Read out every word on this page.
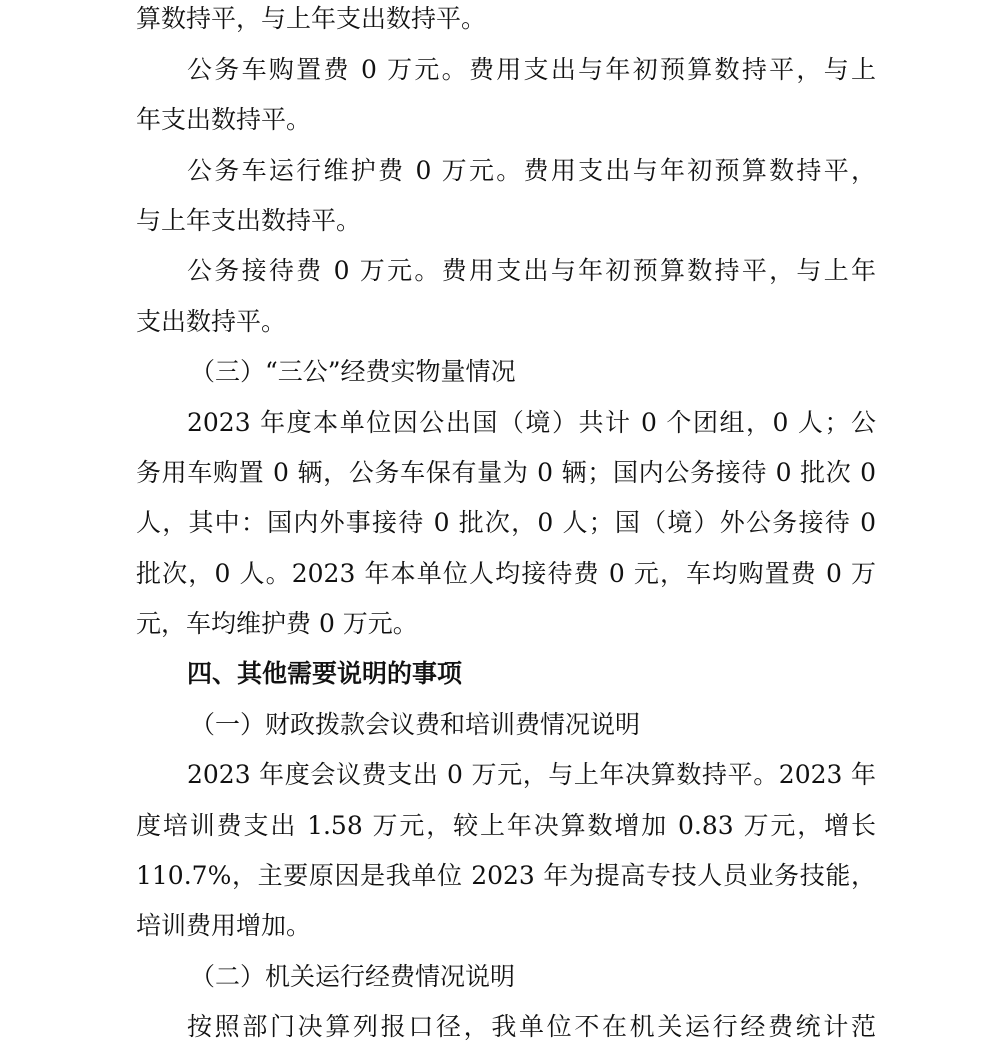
算数持平，与上年支出数持平。
公务车购置费 0 万元。费用支出与年初预算数持平，与上
年支出数持平。
公务车运行维护费 0 万元。费用支出与年初预算数持平，
与上年支出数持平。
公务接待费 0 万元。费用支出与年初预算数持平，与上年
支出数持平。
（三）“三公”经费实物量情况
2023 年度本单位因公出国（境）共计 0 个团组，0 人；公
务用车购置 0 辆，公务车保有量为 0 辆；国内公务接待 0 批次 0
人，其中：国内外事接待 0 批次，0 人；国（境）外公务接待 0
批次，0 人。2023 年本单位人均接待费 0 元，车均购置费 0 万
元，车均维护费 0 万元。
四、其他需要说明的事项
（一）财政拨款会议费和培训费情况说明
2023 年度会议费支出 0 万元，与上年决算数持平。2023 年
度培训费支出 1.58 万元，较上年决算数增加 0.83 万元，增长
110.7%，主要原因是我单位 2023 年为提高专技人员业务技能，
培训费用增加。
（二）机关运行经费情况说明
按照部门决算列报口径，我单位不在机关运行经费统计范
